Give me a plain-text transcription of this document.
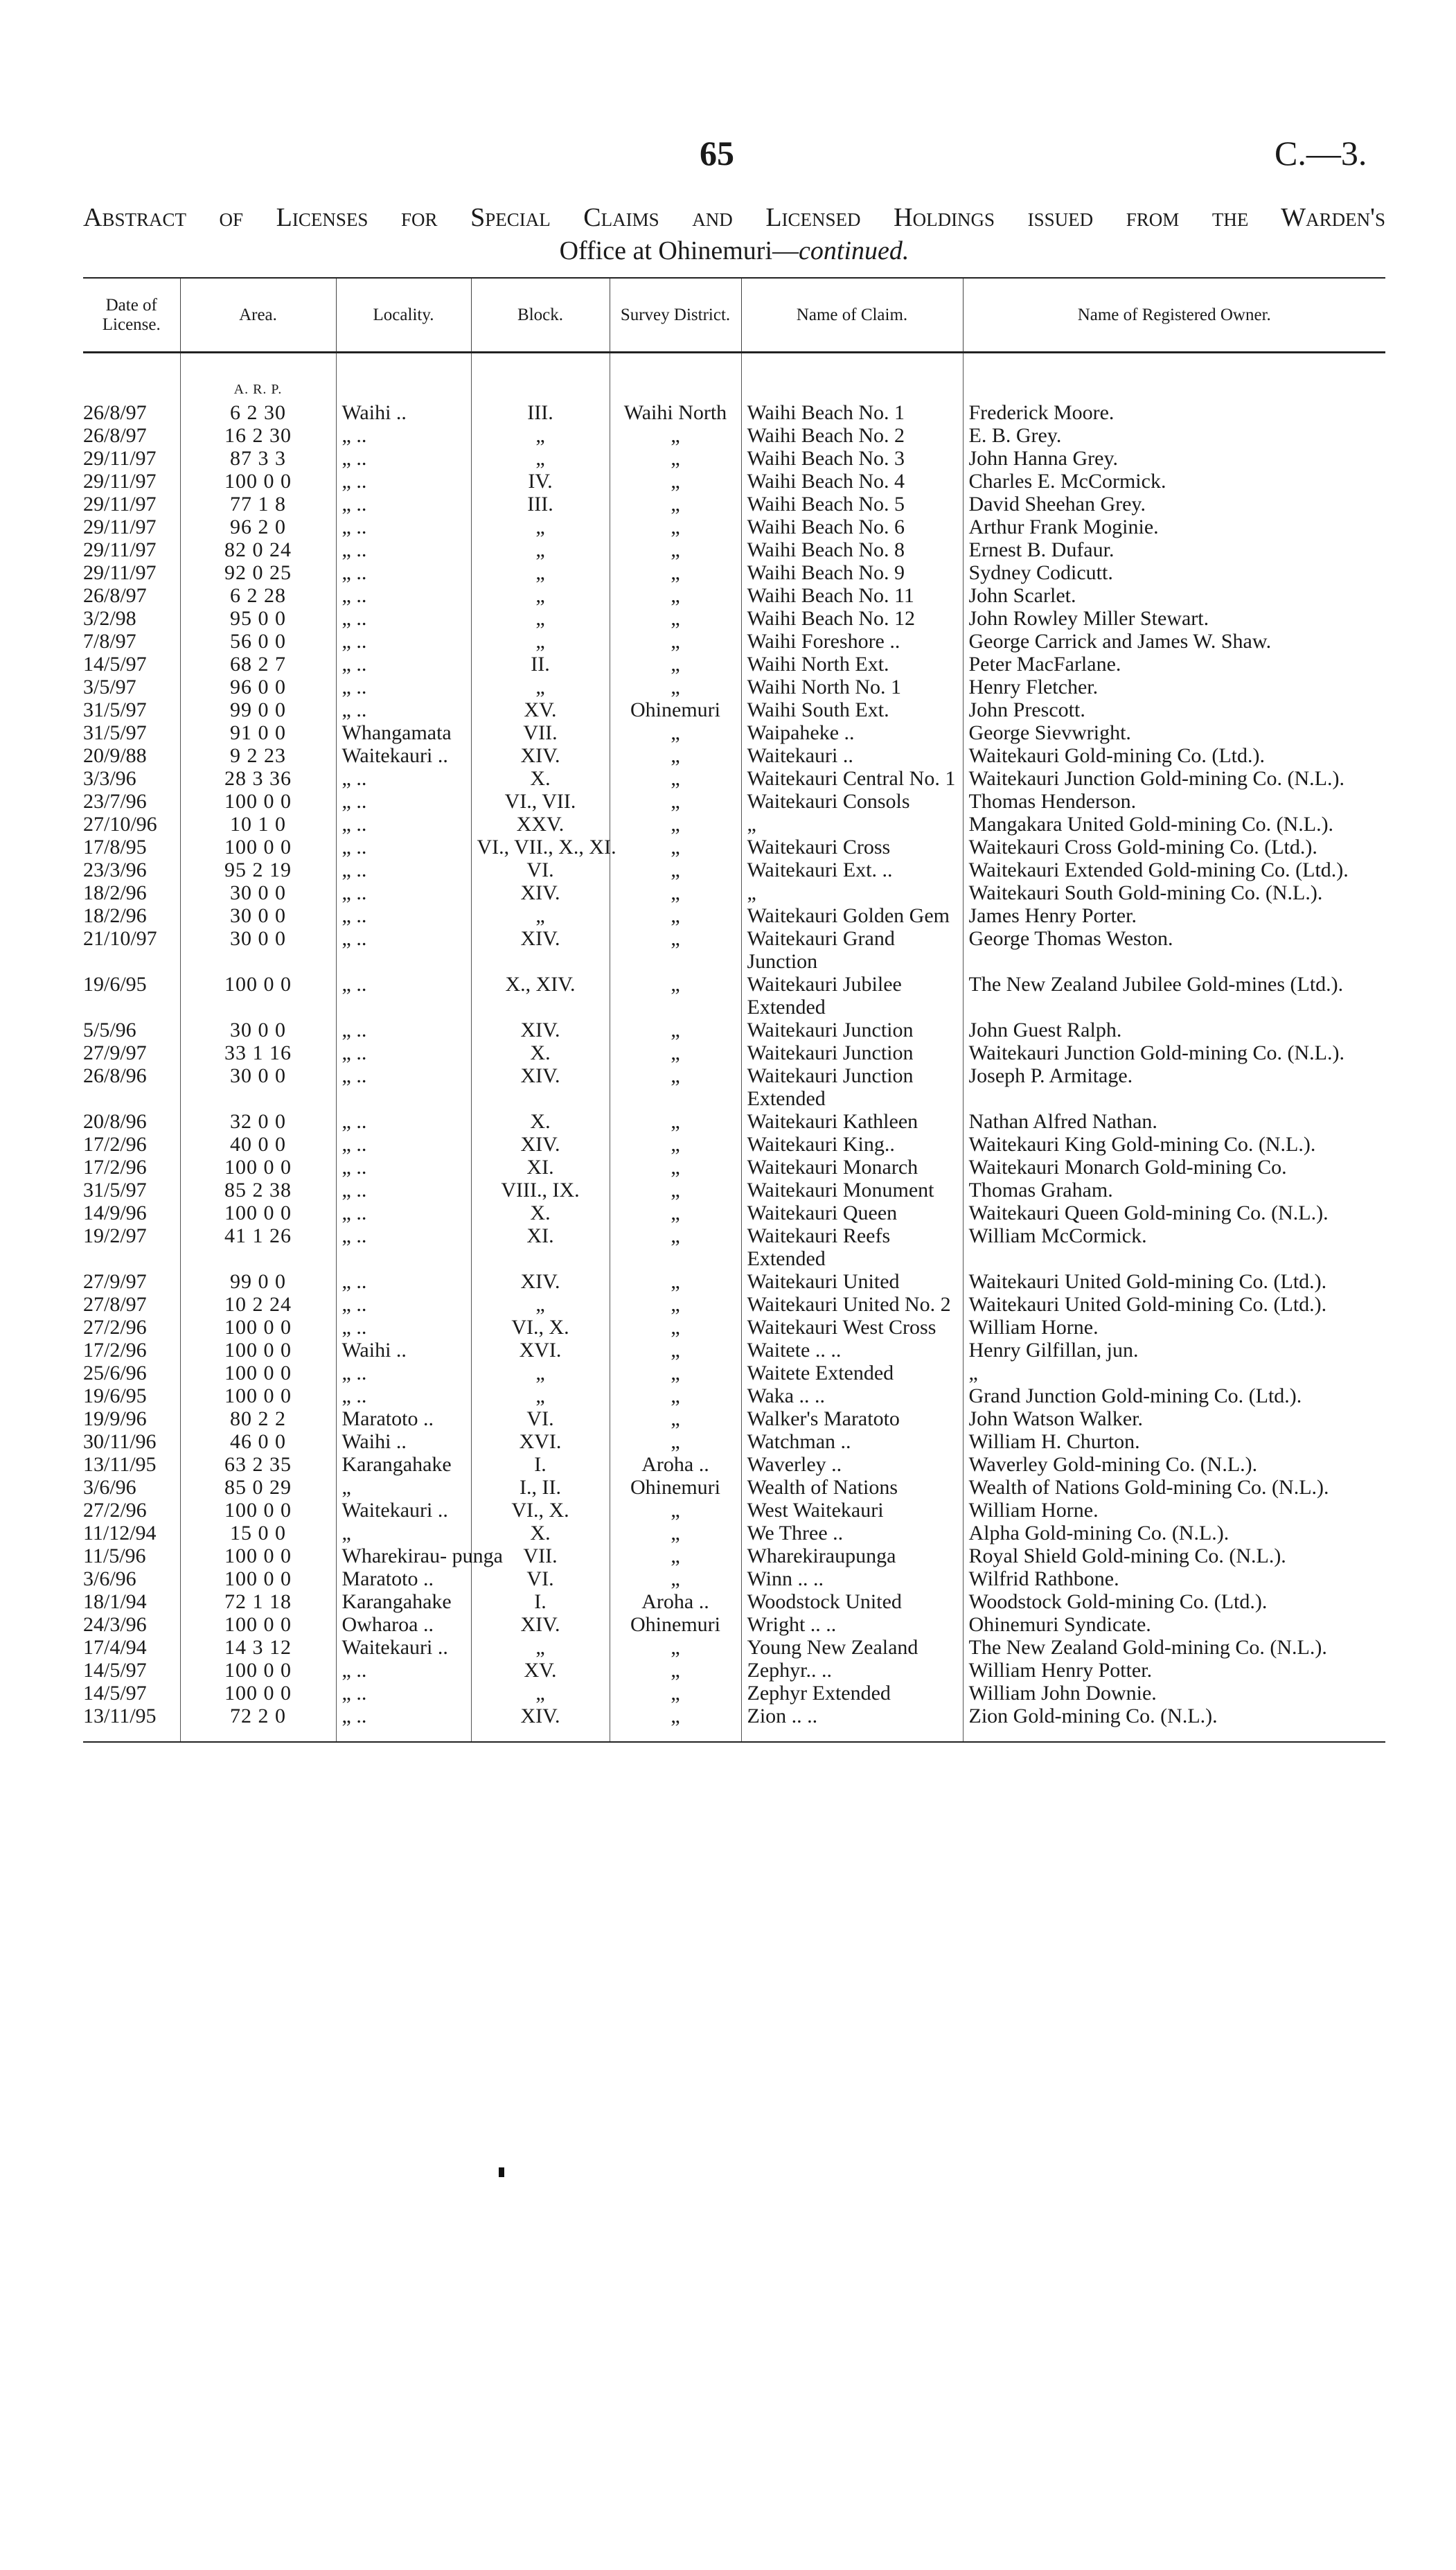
65	C.—3.
Abstract of Licenses for Special Claims and Licensed Holdings issued from the Warden's
Office at Ohinemuri—continued.
Date of License.	Area.	Locality.	Block.	Survey District.	Name of Claim.	Name of Registered Owner.
	A. R. P.					
26/8/97	6 2 30	Waihi ..	III.	Waihi North	Waihi Beach No. 1	Frederick Moore.
26/8/97	16 2 30	„ ..	„	„	Waihi Beach No. 2	E. B. Grey.
29/11/97	87 3 3	„ ..	„	„	Waihi Beach No. 3	John Hanna Grey.
29/11/97	100 0 0	„ ..	IV.	„	Waihi Beach No. 4	Charles E. McCormick.
29/11/97	77 1 8	„ ..	III.	„	Waihi Beach No. 5	David Sheehan Grey.
29/11/97	96 2 0	„ ..	„	„	Waihi Beach No. 6	Arthur Frank Moginie.
29/11/97	82 0 24	„ ..	„	„	Waihi Beach No. 8	Ernest B. Dufaur.
29/11/97	92 0 25	„ ..	„	„	Waihi Beach No. 9	Sydney Codicutt.
26/8/97	6 2 28	„ ..	„	„	Waihi Beach No. 11	John Scarlet.
3/2/98	95 0 0	„ ..	„	„	Waihi Beach No. 12	John Rowley Miller Stewart.
7/8/97	56 0 0	„ ..	„	„	Waihi Foreshore ..	George Carrick and James W. Shaw.
14/5/97	68 2 7	„ ..	II.	„	Waihi North Ext.	Peter MacFarlane.
3/5/97	96 0 0	„ ..	„	„	Waihi North No. 1	Henry Fletcher.
31/5/97	99 0 0	„ ..	XV.	Ohinemuri	Waihi South Ext.	John Prescott.
31/5/97	91 0 0	Whangamata	VII.	„	Waipaheke ..	George Sievwright.
20/9/88	9 2 23	Waitekauri ..	XIV.	„	Waitekauri ..	Waitekauri Gold-mining Co. (Ltd.).
3/3/96	28 3 36	„ ..	X.	„	Waitekauri Central No. 1	Waitekauri Junction Gold-mining Co. (N.L.).
23/7/96	100 0 0	„ ..	VI., VII.	„	Waitekauri Consols	Thomas Henderson.
27/10/96	10 1 0	„ ..	XXV.	„	„	Mangakara United Gold-mining Co. (N.L.).
17/8/95	100 0 0	„ ..	VI., VII., X., XI.	„	Waitekauri Cross	Waitekauri Cross Gold-mining Co. (Ltd.).
23/3/96	95 2 19	„ ..	VI.	„	Waitekauri Ext. ..	Waitekauri Extended Gold-mining Co. (Ltd.).
18/2/96	30 0 0	„ ..	XIV.	„	„	Waitekauri South Gold-mining Co. (N.L.).
18/2/96	30 0 0	„ ..	„	„	Waitekauri Golden Gem	James Henry Porter.
21/10/97	30 0 0	„ ..	XIV.	„	Waitekauri Grand Junction	George Thomas Weston.
19/6/95	100 0 0	„ ..	X., XIV.	„	Waitekauri Jubilee Extended	The New Zealand Jubilee Gold-mines (Ltd.).
5/5/96	30 0 0	„ ..	XIV.	„	Waitekauri Junction	John Guest Ralph.
27/9/97	33 1 16	„ ..	X.	„	Waitekauri Junction	Waitekauri Junction Gold-mining Co. (N.L.).
26/8/96	30 0 0	„ ..	XIV.	„	Waitekauri Junction Extended	Joseph P. Armitage.
20/8/96	32 0 0	„ ..	X.	„	Waitekauri Kathleen	Nathan Alfred Nathan.
17/2/96	40 0 0	„ ..	XIV.	„	Waitekauri King..	Waitekauri King Gold-mining Co. (N.L.).
17/2/96	100 0 0	„ ..	XI.	„	Waitekauri Monarch	Waitekauri Monarch Gold-mining Co.
31/5/97	85 2 38	„ ..	VIII., IX.	„	Waitekauri Monument	Thomas Graham.
14/9/96	100 0 0	„ ..	X.	„	Waitekauri Queen	Waitekauri Queen Gold-mining Co. (N.L.).
19/2/97	41 1 26	„ ..	XI.	„	Waitekauri Reefs Extended	William McCormick.
27/9/97	99 0 0	„ ..	XIV.	„	Waitekauri United	Waitekauri United Gold-mining Co. (Ltd.).
27/8/97	10 2 24	„ ..	„	„	Waitekauri United No. 2	Waitekauri United Gold-mining Co. (Ltd.).
27/2/96	100 0 0	„ ..	VI., X.	„	Waitekauri West Cross	William Horne.
17/2/96	100 0 0	Waihi ..	XVI.	„	Waitete .. ..	Henry Gilfillan, jun.
25/6/96	100 0 0	„ ..	„	„	Waitete Extended	„
19/6/95	100 0 0	„ ..	„	„	Waka .. ..	Grand Junction Gold-mining Co. (Ltd.).
19/9/96	80 2 2	Maratoto ..	VI.	„	Walker's Maratoto	John Watson Walker.
30/11/96	46 0 0	Waihi ..	XVI.	„	Watchman ..	William H. Churton.
13/11/95	63 2 35	Karangahake	I.	Aroha ..	Waverley ..	Waverley Gold-mining Co. (N.L.).
3/6/96	85 0 29	„	I., II.	Ohinemuri	Wealth of Nations	Wealth of Nations Gold-mining Co. (N.L.).
27/2/96	100 0 0	Waitekauri ..	VI., X.	„	West Waitekauri	William Horne.
11/12/94	15 0 0	„	X.	„	We Three ..	Alpha Gold-mining Co. (N.L.).
11/5/96	100 0 0	Wharekirau- punga	VII.	„	Wharekiraupunga	Royal Shield Gold-mining Co. (N.L.).
3/6/96	100 0 0	Maratoto ..	VI.	„	Winn .. ..	Wilfrid Rathbone.
18/1/94	72 1 18	Karangahake	I.	Aroha ..	Woodstock United	Woodstock Gold-mining Co. (Ltd.).
24/3/96	100 0 0	Owharoa ..	XIV.	Ohinemuri	Wright .. ..	Ohinemuri Syndicate.
17/4/94	14 3 12	Waitekauri ..	„	„	Young New Zealand	The New Zealand Gold-mining Co. (N.L.).
14/5/97	100 0 0	„ ..	XV.	„	Zephyr.. ..	William Henry Potter.
14/5/97	100 0 0	„ ..	„	„	Zephyr Extended	William John Downie.
13/11/95	72 2 0	„ ..	XIV.	„	Zion .. ..	Zion Gold-mining Co. (N.L.).
